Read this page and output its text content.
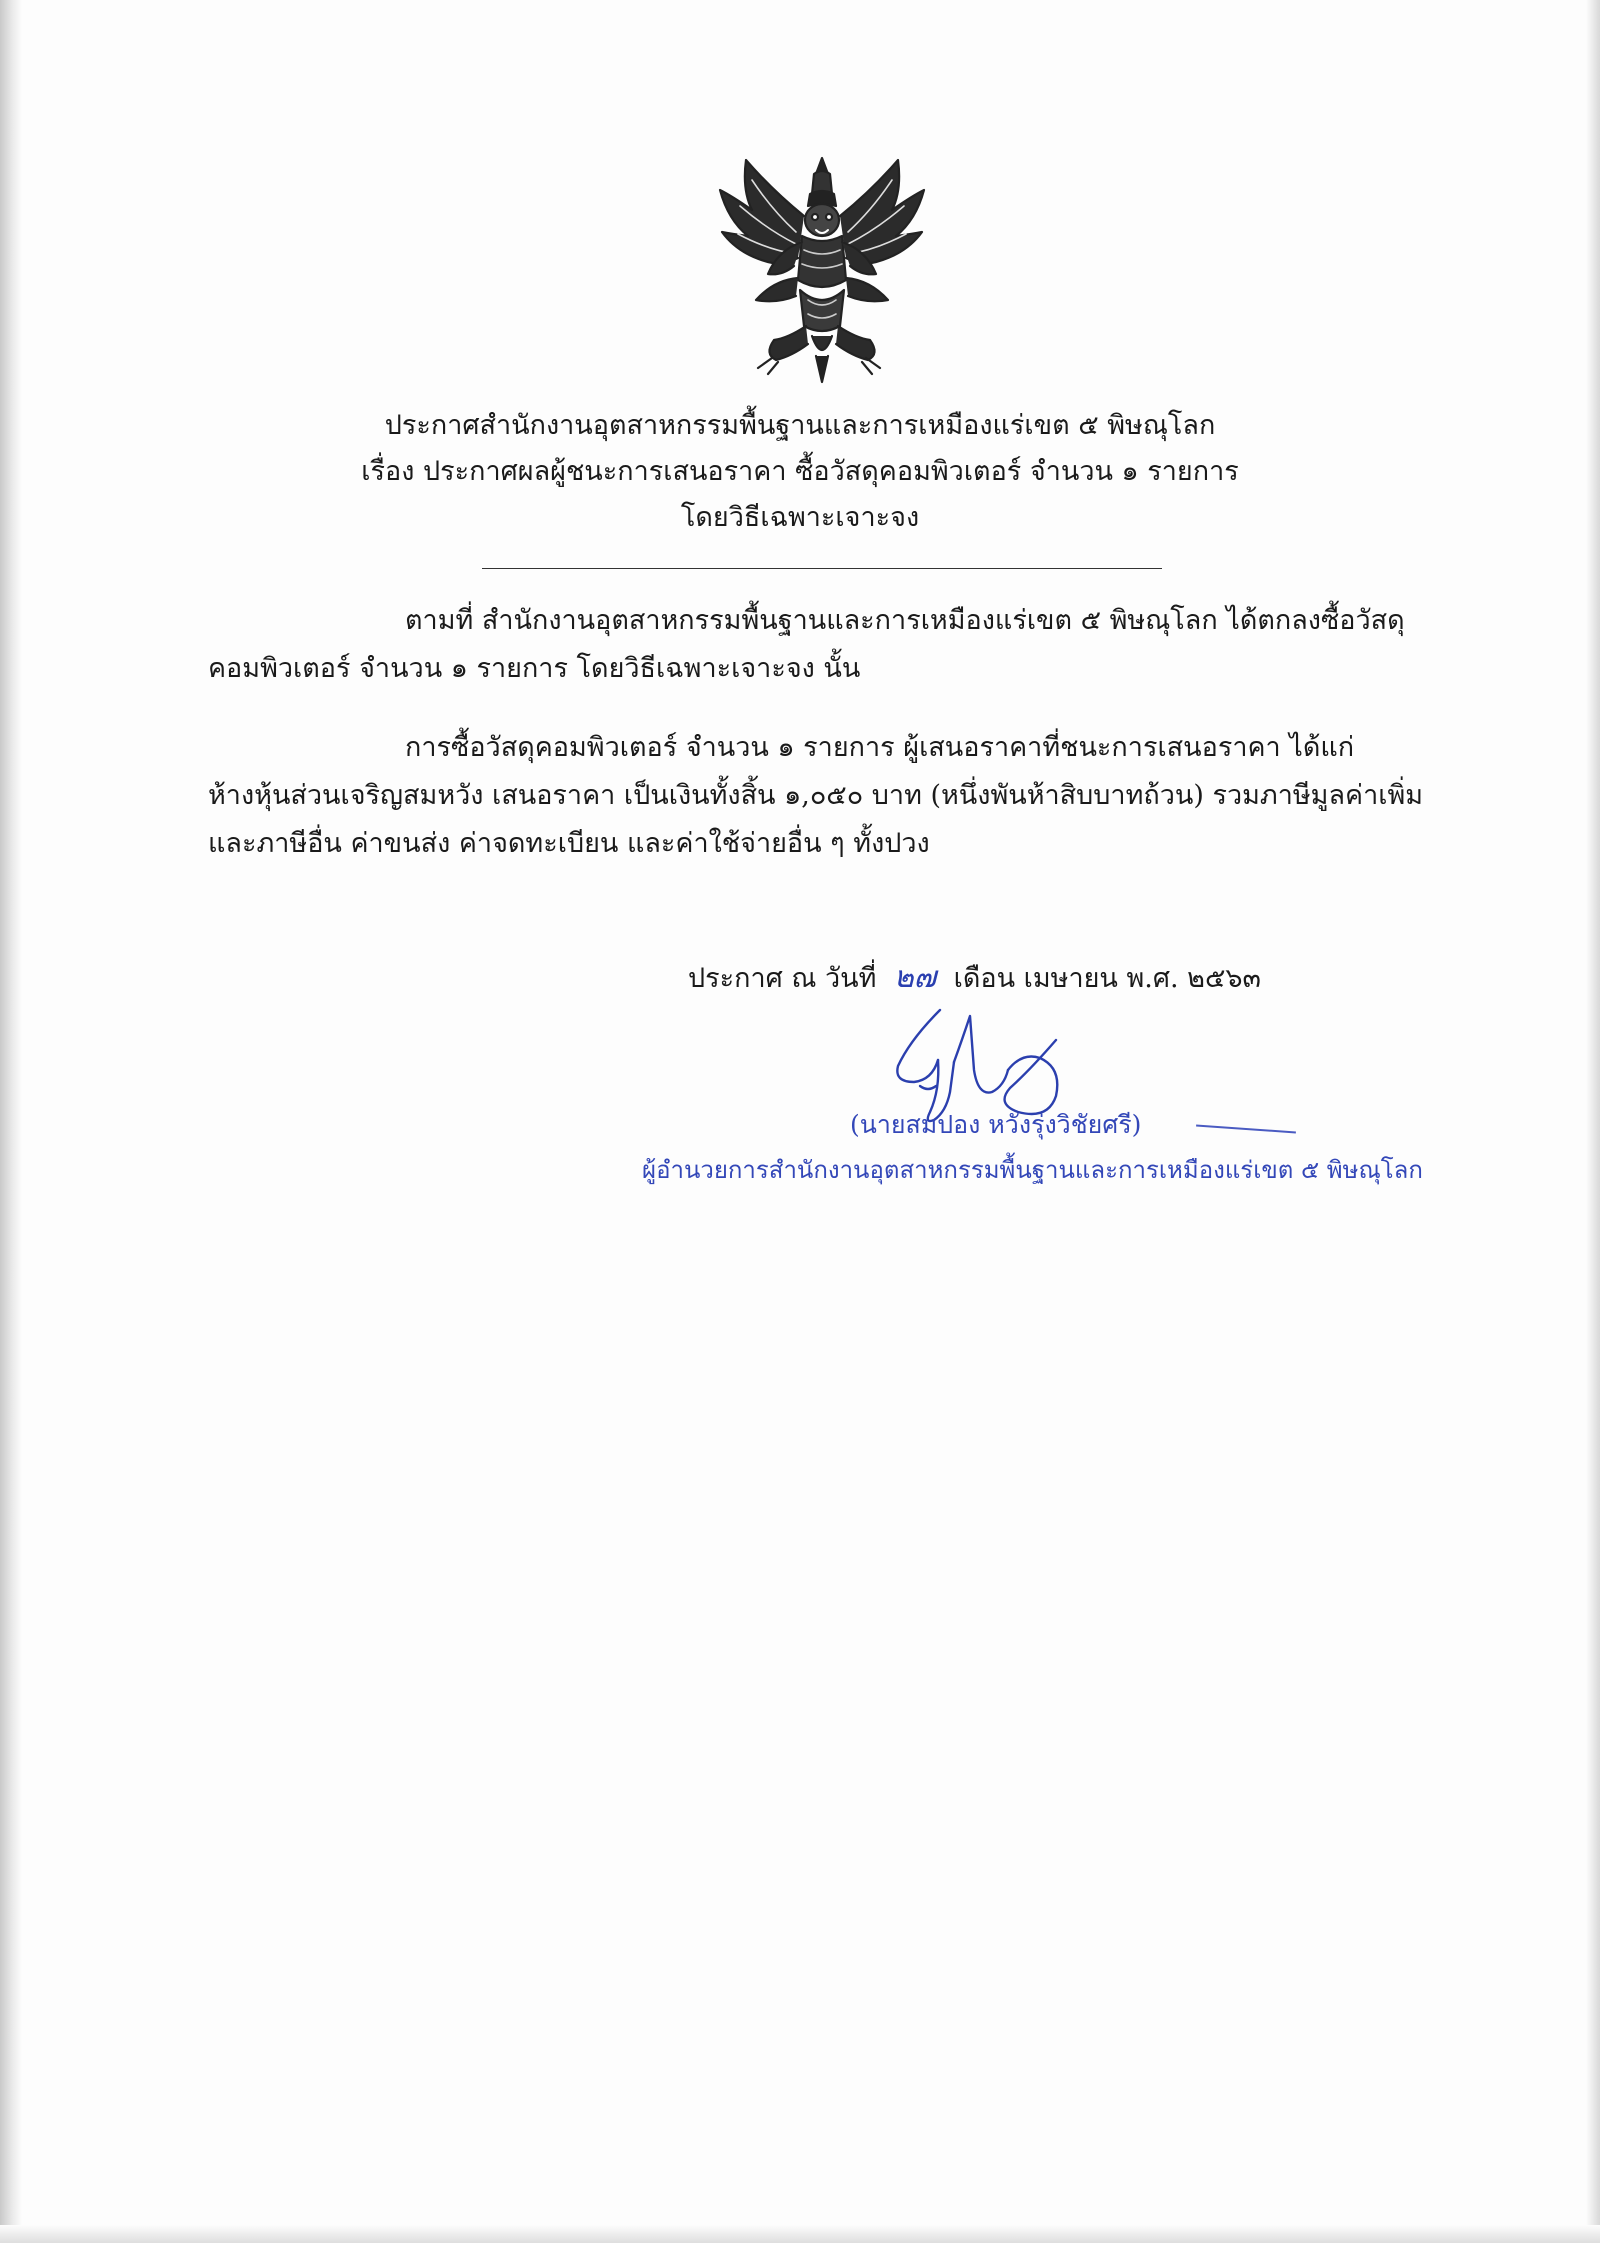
ประกาศสำนักงานอุตสาหกรรมพื้นฐานและการเหมืองแร่เขต ๕ พิษณุโลก
เรื่อง ประกาศผลผู้ชนะการเสนอราคา ซื้อวัสดุคอมพิวเตอร์ จำนวน ๑ รายการ
โดยวิธีเฉพาะเจาะจง
ตามที่ สำนักงานอุตสาหกรรมพื้นฐานและการเหมืองแร่เขต ๕ พิษณุโลก ได้ตกลงซื้อวัสดุ
คอมพิวเตอร์ จำนวน ๑ รายการ โดยวิธีเฉพาะเจาะจง นั้น
การซื้อวัสดุคอมพิวเตอร์ จำนวน ๑ รายการ ผู้เสนอราคาที่ชนะการเสนอราคา ได้แก่
ห้างหุ้นส่วนเจริญสมหวัง เสนอราคา เป็นเงินทั้งสิ้น ๑,๐๕๐ บาท (หนึ่งพันห้าสิบบาทถ้วน) รวมภาษีมูลค่าเพิ่ม
และภาษีอื่น ค่าขนส่ง ค่าจดทะเบียน และค่าใช้จ่ายอื่น ๆ ทั้งปวง
ประกาศ ณ วันที่ ๒๗ เดือน เมษายน พ.ศ. ๒๕๖๓
(นายสมปอง หวังรุ่งวิชัยศรี)
ผู้อำนวยการสำนักงานอุตสาหกรรมพื้นฐานและการเหมืองแร่เขต ๕ พิษณุโลก
